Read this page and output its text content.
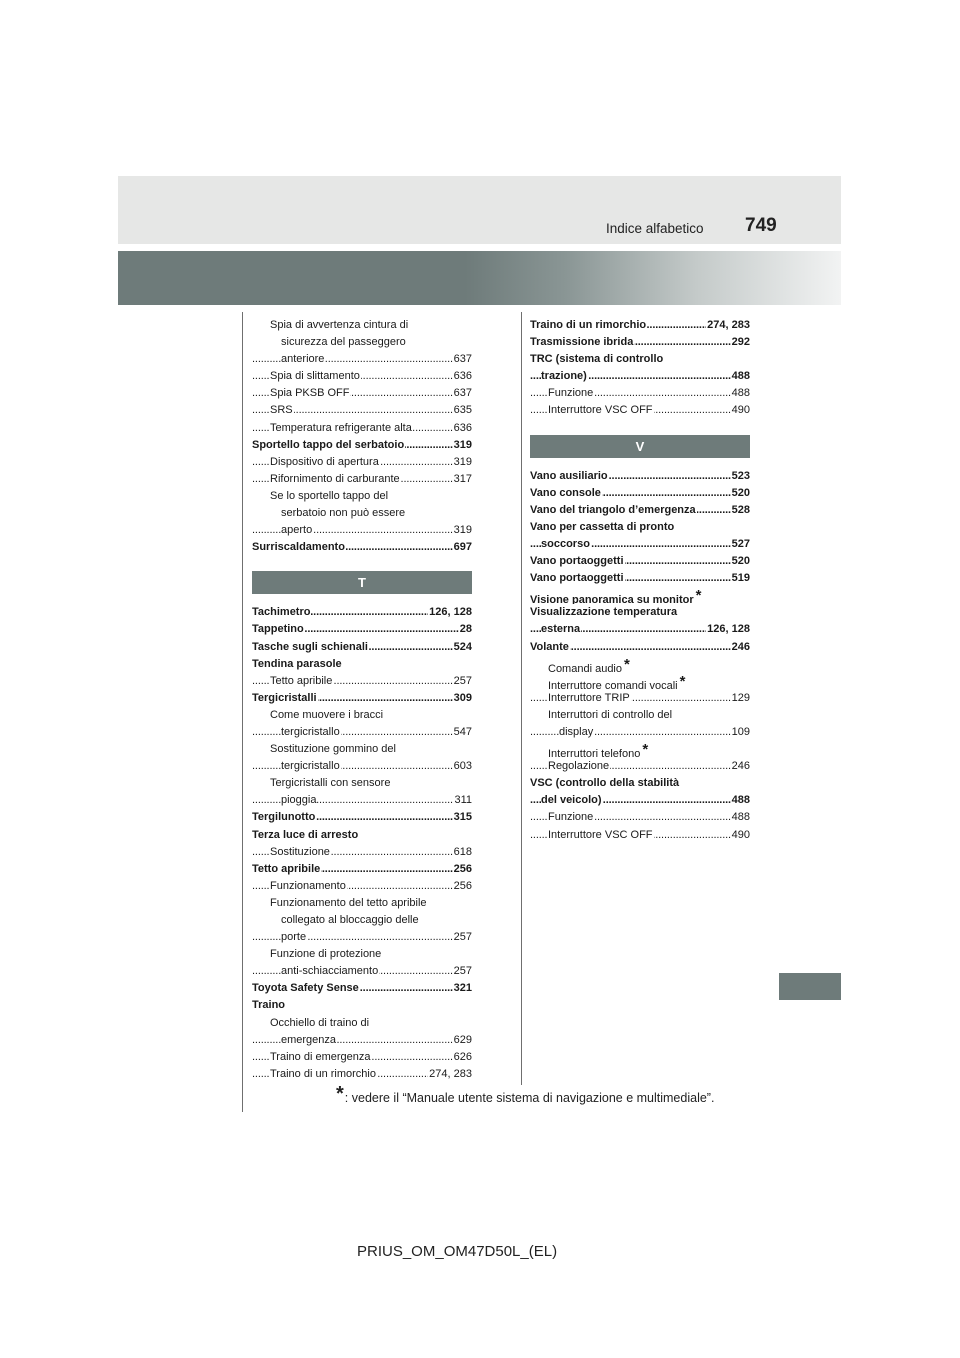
Indice alfabetico 749
Spia di avvertenza cintura di
sicurezza del passeggero
anteriore	637
. . .
Spia di slittamento	636
. . .
Spia PKSB OFF	637
. . .
SRS	635
. . .
Temperatura refrigerante alta	636
. . .
Sportello tappo del serbatoio	319
. . .
Dispositivo di apertura	319
. . .
Rifornimento di carburante	317
. . .
Se lo sportello tappo del
serbatoio non può essere
aperto	319
. . .
Surriscaldamento	697
. . .
T
Tachimetro	126, 128
. . .
Tappetino	28
. . .
Tasche sugli schienali	524
. . .
Tendina parasole
Tetto apribile	257
. . .
Tergicristalli	309
. . .
Come muovere i bracci
tergicristallo	547
. . .
Sostituzione gommino del
tergicristallo	603
. . .
Tergicristalli con sensore
pioggia	311
. . .
Tergilunotto	315
. . .
Terza luce di arresto
Sostituzione	618
. . .
Tetto apribile	256
. . .
Funzionamento	256
. . .
Funzionamento del tetto apribile
collegato al bloccaggio delle
porte	257
. . .
Funzione di protezione
anti-schiacciamento	257
. . .
Toyota Safety Sense	321
. . .
Traino
Occhiello di traino di
emergenza	629
. . .
Traino di emergenza	626
. . .
Traino di un rimorchio	274, 283
. . .
Traino di un rimorchio	274, 283
. . .
Trasmissione ibrida	292
. . .
TRC (sistema di controllo
trazione)	488
. . .
Funzione	488
. . .
Interruttore VSC OFF	490
. . .
V
Vano ausiliario	523
. . .
Vano console	520
. . .
Vano del triangolo d’emergenza	528
. . .
Vano per cassetta di pronto
soccorso	527
. . .
Vano portaoggetti	520
. . .
Vano portaoggetti	519
. . .
Visione panoramica su monitor *
Visualizzazione temperatura
esterna	126, 128
. . .
Volante	246
. . .
Comandi audio *
Interruttore comandi vocali *
Interruttore TRIP	129
. . .
Interruttori di controllo del
display	109
. . .
Interruttori telefono *
Regolazione	246
. . .
VSC (controllo della stabilità
del veicolo)	488
. . .
Funzione	488
. . .
Interruttore VSC OFF	490
. . .
*: vedere il “Manuale utente sistema di navigazione e multimediale”.
PRIUS_OM_OM47D50L_(EL)
